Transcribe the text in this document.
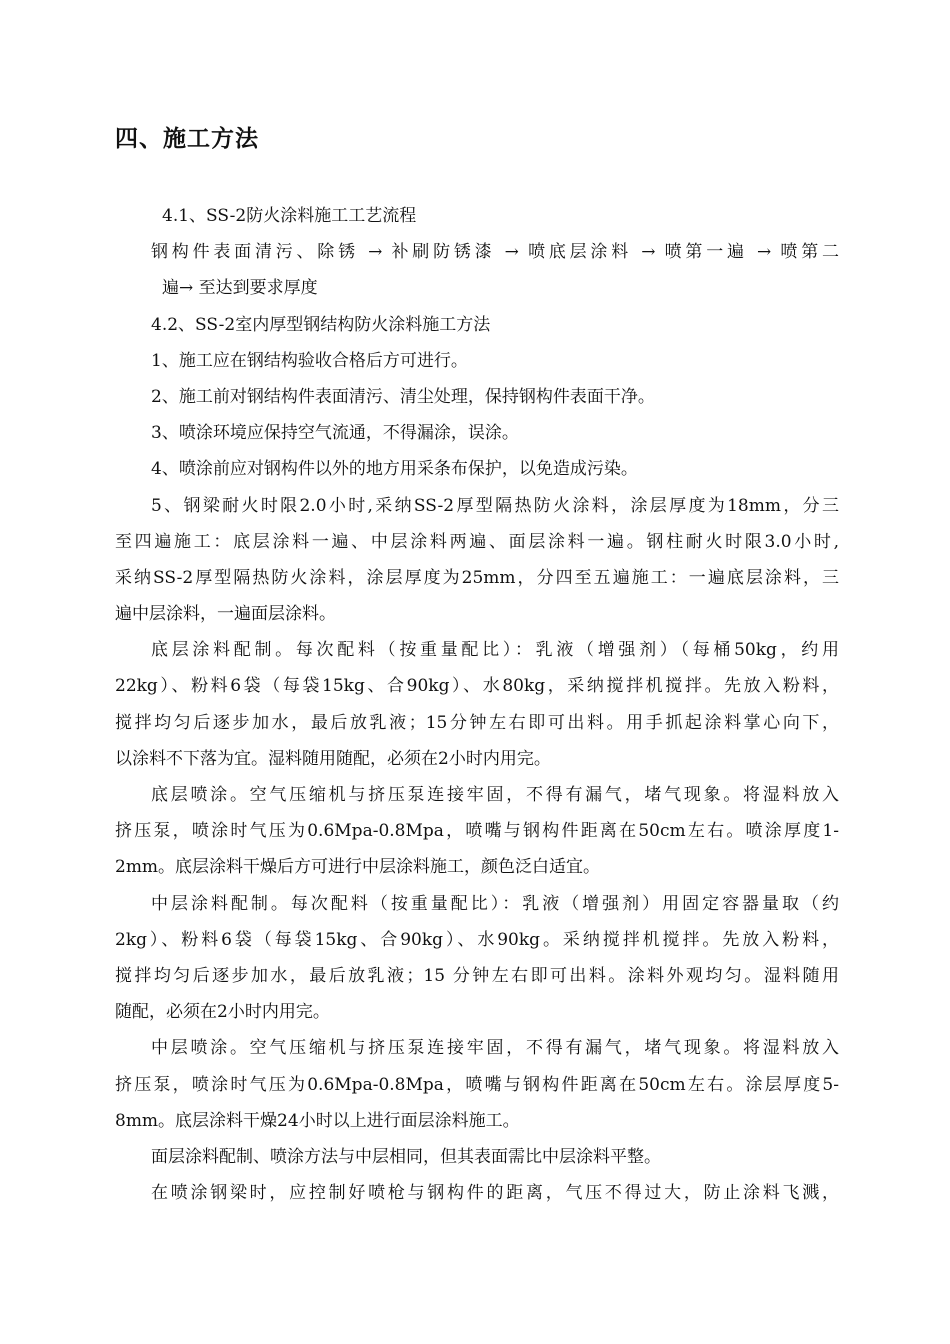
四、施工方法
4.1、SS-2防火涂料施工工艺流程
钢构件表面清污、除锈 → 补刷防锈漆 → 喷底层涂料 → 喷第一遍 → 喷第二
遍→ 至达到要求厚度
4.2、SS-2室内厚型钢结构防火涂料施工方法
1、施工应在钢结构验收合格后方可进行。
2、施工前对钢结构件表面清污、清尘处理，保持钢构件表面干净。
3、喷涂环境应保持空气流通，不得漏涂，误涂。
4、喷涂前应对钢构件以外的地方用采条布保护，以免造成污染。
5、钢梁耐火时限2.0小时,采纳SS-2厚型隔热防火涂料，涂层厚度为18mm，分三
至四遍施工：底层涂料一遍、中层涂料两遍、面层涂料一遍。钢柱耐火时限3.0小时,
采纳SS-2厚型隔热防火涂料，涂层厚度为25mm，分四至五遍施工：一遍底层涂料，三
遍中层涂料，一遍面层涂料。
底层涂料配制。每次配料（按重量配比）：乳液（增强剂）（每桶50kg，约用
22kg）、粉料6袋（每袋15kg、合90kg）、水80kg，采纳搅拌机搅拌。先放入粉料，
搅拌均匀后逐步加水，最后放乳液；15分钟左右即可出料。用手抓起涂料掌心向下，
以涂料不下落为宜。湿料随用随配，必须在2小时内用完。
底层喷涂。空气压缩机与挤压泵连接牢固，不得有漏气，堵气现象。将湿料放入
挤压泵，喷涂时气压为0.6Mpa-0.8Mpa，喷嘴与钢构件距离在50cm左右。喷涂厚度1-
2mm。底层涂料干燥后方可进行中层涂料施工，颜色泛白适宜。
中层涂料配制。每次配料（按重量配比）：乳液（增强剂）用固定容器量取（约
2kg）、粉料6袋（每袋15kg、合90kg）、水90kg。采纳搅拌机搅拌。先放入粉料，
搅拌均匀后逐步加水，最后放乳液；15 分钟左右即可出料。涂料外观均匀。湿料随用
随配，必须在2小时内用完。
中层喷涂。空气压缩机与挤压泵连接牢固，不得有漏气，堵气现象。将湿料放入
挤压泵，喷涂时气压为0.6Mpa-0.8Mpa，喷嘴与钢构件距离在50cm左右。涂层厚度5-
8mm。底层涂料干燥24小时以上进行面层涂料施工。
面层涂料配制、喷涂方法与中层相同，但其表面需比中层涂料平整。
在喷涂钢梁时，应控制好喷枪与钢构件的距离，气压不得过大，防止涂料飞溅，
